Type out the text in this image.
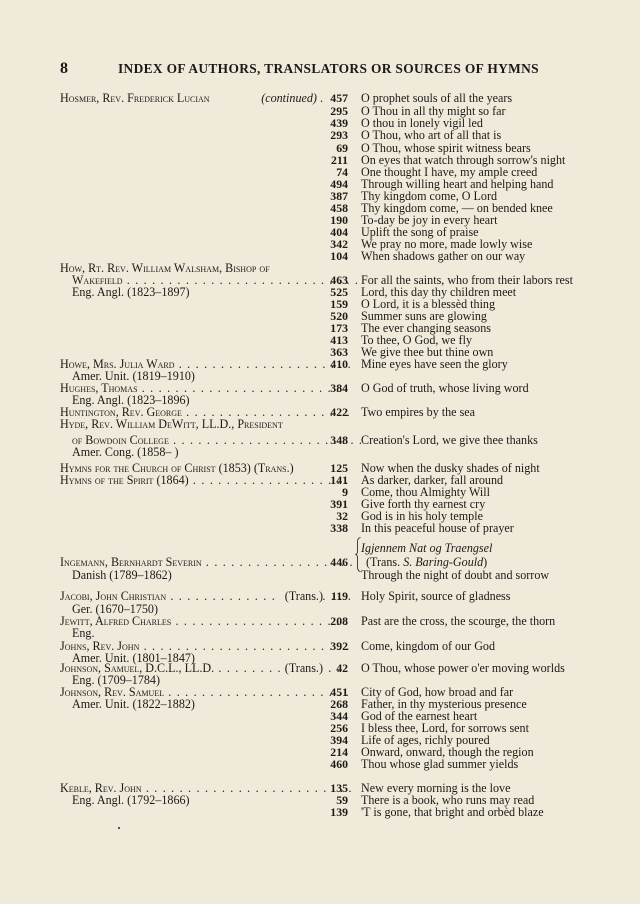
8	INDEX OF AUTHORS, TRANSLATORS OR SOURCES OF HYMNS
Hosmer, Rev. Frederick Lucian	(continued) . 457 O prophet souls of all the years
295 O Thou in all thy might so far
439 O thou in lonely vigil led
293 O Thou, who art of all that is
69 O Thou, whose spirit witness bears
211 On eyes that watch through sorrow's night
74 One thought I have, my ample creed
494 Through willing heart and helping hand
387 Thy kingdom come, O Lord
458 Thy kingdom come, — on bended knee
190 To-day be joy in every heart
404 Uplift the song of praise
342 We pray no more, made lowly wise
104 When shadows gather on our way
How, Rt. Rev. William Walsham, Bishop of
Wakefield . . .	463 For all the saints, who from their labors rest
Eng. Angl. (1823–1897)	525 Lord, this day thy children meet
159 O Lord, it is a blessèd thing
520 Summer suns are glowing
173 The ever changing seasons
413 To thee, O God, we fly
363 We give thee but thine own
Howe, Mrs. Julia Ward . . .	410 Mine eyes have seen the glory
Amer. Unit. (1819–1910)
Hughes, Thomas . . .	384 O God of truth, whose living word
Eng. Angl. (1823–1896)
Huntington, Rev. George . . .	422 Two empires by the sea
Hyde, Rev. William DeWitt, LL.D., President
of Bowdoin College . . .	348 Creation's Lord, we give thee thanks
Amer. Cong. (1858– )
Hymns for the Church of Christ (1853) (Trans.)	125 Now when the dusky shades of night
Hymns of the Spirit (1864) . . .	141 As darker, darker, fall around
9 Come, thou Almighty Will
391 Give forth thy earnest cry
32 God is in his holy temple
338 In this peaceful house of prayer
Igjennem Nat og Traengsel
Ingemann, Bernhardt Severin . . .	446 (Trans. S. Baring-Gould)
Danish (1789–1862)	Through the night of doubt and sorrow
Jacobi, John Christian . . .	(Trans.) 119 Holy Spirit, source of gladness
Ger. (1670–1750)
Jewitt, Alfred Charles . . .	208 Past are the cross, the scourge, the thorn
Eng.
Johns, Rev. John . . .	392 Come, kingdom of our God
Amer. Unit. (1801–1847)
Johnson, Samuel, D.C.L., LL.D. . . .	(Trans.)	42 O Thou, whose power o'er moving worlds
Eng. (1709–1784)
Johnson, Rev. Samuel . . .	451 City of God, how broad and far
Amer. Unit. (1822–1882)	268 Father, in thy mysterious presence
344 God of the earnest heart
256 I bless thee, Lord, for sorrows sent
394 Life of ages, richly poured
214 Onward, onward, though the region
460 Thou whose glad summer yields
Keble, Rev. John . . .	135 New every morning is the love
Eng. Angl. (1792–1866)	59 There is a book, who runs may read
139 'T is gone, that bright and orbèd blaze
